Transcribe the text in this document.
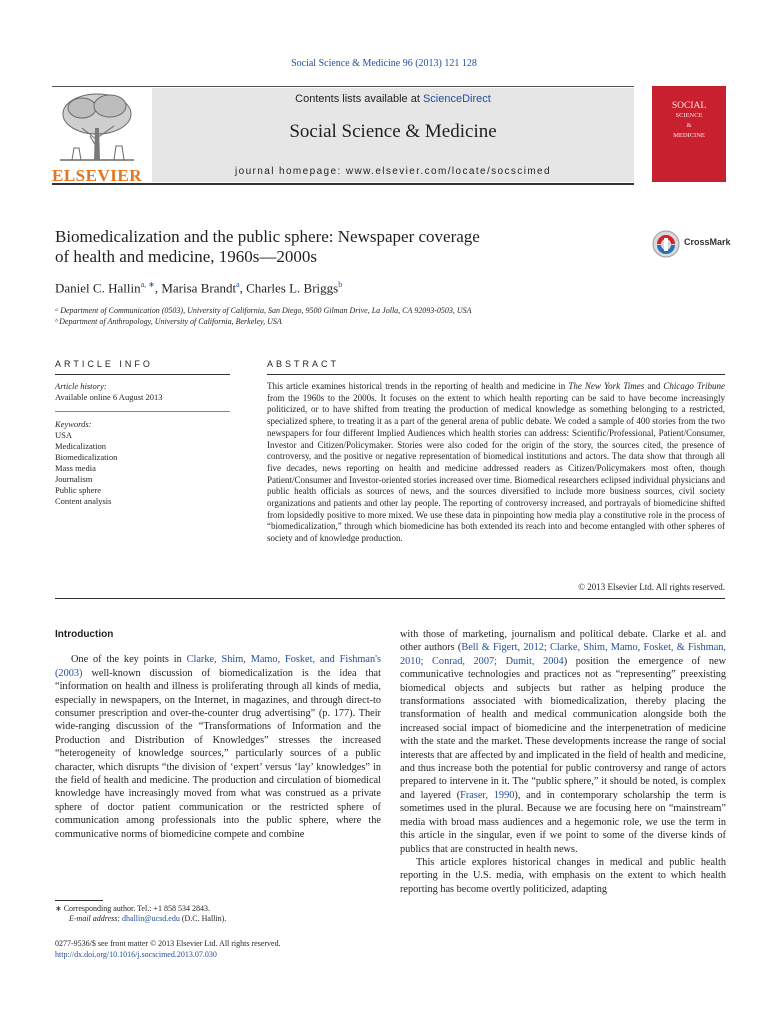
Social Science & Medicine 96 (2013) 121 128
ELSEVIER
Contents lists available at ScienceDirect
Social Science & Medicine
journal homepage: www.elsevier.com/locate/socscimed
SOCIAL
SCIENCE
&
MEDICINE
Biomedicalization and the public sphere: Newspaper coverage
of health and medicine, 1960s—2000s
CrossMark
Daniel C. Hallin$^{a, ∗}$, Marisa Brandt$^a$, Charles L. Briggs$^b$
ᵃ Department of Communication (0503), University of California, San Diego, 9500 Gilman Drive, La Jolla, CA 92093-0503, USA
ᵇ Department of Anthropology, University of California, Berkeley, USA
ARTICLE INFO	ABSTRACT
Article history:
Available online 6 August 2013
Keywords:
USA
Medicalization
Biomedicalization
Mass media
Journalism
Public sphere
Content analysis
This article examines historical trends in the reporting of health and medicine in The New York Times and Chicago Tribune from the 1960s to the 2000s. It focuses on the extent to which health reporting can be said to have become increasingly politicized, or to have shifted from treating the production of medical knowledge as something belonging to a restricted, specialized sphere, to treating it as a part of the general arena of public debate. We coded a sample of 400 stories from the two newspapers for four different Implied Audiences which health stories can address: Scientific/Professional, Patient/Consumer, Investor and Citizen/Policymaker. Stories were also coded for the origin of the story, the sources cited, the presence of controversy, and the positive or negative representation of biomedical institutions and actors. The data show that through all five decades, news reporting on health and medicine addressed readers as Citizen/Policymakers most often, though Patient/Consumer and Investor-oriented stories increased over time. Biomedical researchers eclipsed individual physicians and public health officials as sources of news, and the sources diversified to include more business sources, civil society organizations and patients and other lay people. The reporting of controversy increased, and portrayals of biomedicine shifted from lopsidedly positive to more mixed. We use these data in pinpointing how media play a constitutive role in the process of “biomedicalization,” through which biomedicine has both extended its reach into and become entangled with other spheres of society and of knowledge production.
© 2013 Elsevier Ltd. All rights reserved.

Introduction

One of the key points in Clarke, Shim, Mamo, Fosket, and Fishman's (2003) well-known discussion of biomedicalization is the idea that “information on health and illness is proliferating through all kinds of media, especially in newspapers, on the Internet, in magazines, and through direct-to consumer prescription and over-the-counter drug advertising” (p. 177). Their wide-ranging discussion of the “Transformations of Information and the Production and Distribution of Knowledges” stresses the increased “heterogeneity of knowledge sources,” particularly sources of a public character, which disrupts “the division of ‘expert’ versus ‘lay’ knowledges” in the field of health and medicine. The production and circulation of biomedical knowledge have increasingly moved from what was construed as a private sphere of doctor patient communication or the restricted sphere of communication among professionals into the public sphere, where the communicative norms of biomedicine compete and combine

with those of marketing, journalism and political debate. Clarke et al. and other authors (Bell & Figert, 2012; Clarke, Shim, Mamo, Fosket, & Fishman, 2010; Conrad, 2007; Dumit, 2004) position the emergence of new communicative technologies and practices not as “representing” preexisting biomedical objects and subjects but rather as helping produce the transformations associated with biomedicalization, thereby placing the transformation of health and medical communication alongside both the increased social impact of biomedicine and the interpenetration of medicine with the state and the market. These developments increase the range of social interests that are affected by and implicated in the field of health and medicine, and thus increase both the potential for public controversy and range of actors prepared to intervene in it. The “public sphere,” it should be noted, is complex and layered (Fraser, 1990), and in contemporary scholarship the term is sometimes used in the plural. Because we are focusing here on “mainstream” media with broad mass audiences and a hegemonic role, we use the term in this article in the singular, even if we point to some of the diverse kinds of publics that are constructed in health news.

This article explores historical changes in medical and public health reporting in the U.S. media, with emphasis on the extent to which health reporting has become overtly politicized, adapting

∗ Corresponding author. Tel.: +1 858 534 2843.
E-mail address: dhallin@ucsd.edu (D.C. Hallin).
0277-9536/$ see front matter © 2013 Elsevier Ltd. All rights reserved.
http://dx.doi.org/10.1016/j.socscimed.2013.07.030
